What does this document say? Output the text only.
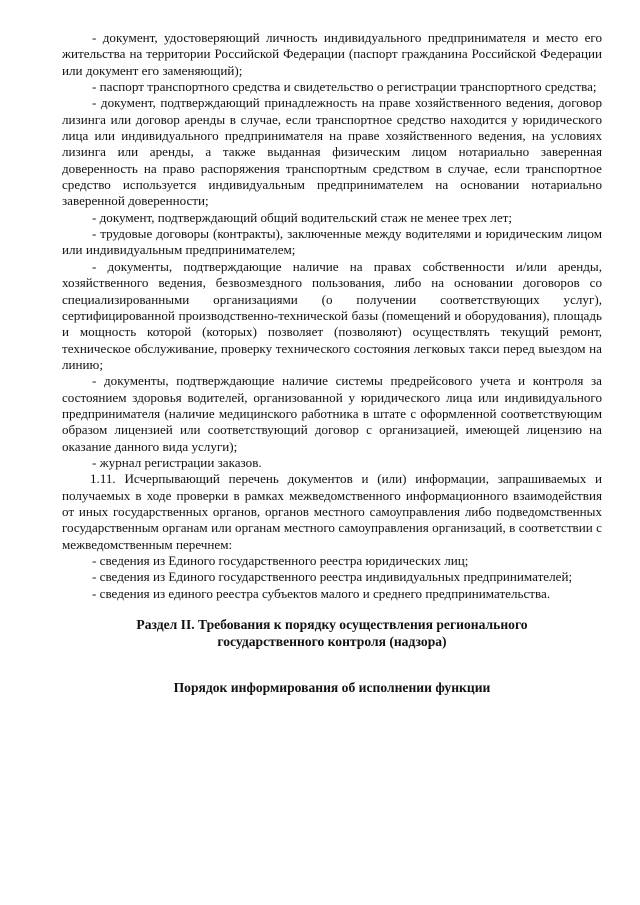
- документ, удостоверяющий личность индивидуального предпринимателя и место его жительства на территории Российской Федерации (паспорт гражданина Российской Федерации или документ его заменяющий);

- паспорт транспортного средства и свидетельство о регистрации транспортного средства;

- документ, подтверждающий принадлежность на праве хозяйственного ведения, договор лизинга или договор аренды в случае, если транспортное средство находится у юридического лица или индивидуального предпринимателя на праве хозяйственного ведения, на условиях лизинга или аренды, а также выданная физическим лицом нотариально заверенная доверенность на право распоряжения транспортным средством в случае, если транспортное средство используется индивидуальным предпринимателем на основании нотариально заверенной доверенности;

- документ, подтверждающий общий водительский стаж не менее трех лет;

- трудовые договоры (контракты), заключенные между водителями и юридическим лицом или индивидуальным предпринимателем;

- документы, подтверждающие наличие на правах собственности и/или аренды, хозяйственного ведения, безвозмездного пользования, либо на основании договоров со специализированными организациями (о получении соответствующих услуг), сертифицированной производственно-технической базы (помещений и оборудования), площадь и мощность которой (которых) позволяет (позволяют) осуществлять текущий ремонт, техническое обслуживание, проверку технического состояния легковых такси перед выездом на линию;

- документы, подтверждающие наличие системы предрейсового учета и контроля за состоянием здоровья водителей, организованной у юридического лица или индивидуального предпринимателя (наличие медицинского работника в штате с оформленной соответствующим образом лицензией или соответствующий договор с организацией, имеющей лицензию на оказание данного вида услуги);

- журнал регистрации заказов.

1.11. Исчерпывающий перечень документов и (или) информации, запрашиваемых и получаемых в ходе проверки в рамках межведомственного информационного взаимодействия от иных государственных органов, органов местного самоуправления либо подведомственных государственным органам или органам местного самоуправления организаций, в соответствии с межведомственным перечнем:

- сведения из Единого государственного реестра юридических лиц;

- сведения из Единого государственного реестра индивидуальных предпринимателей;

- сведения из единого реестра субъектов малого и среднего предпринимательства.

Раздел II. Требования к порядку осуществления регионального
государственного контроля (надзора)
Порядок информирования об исполнении функции
